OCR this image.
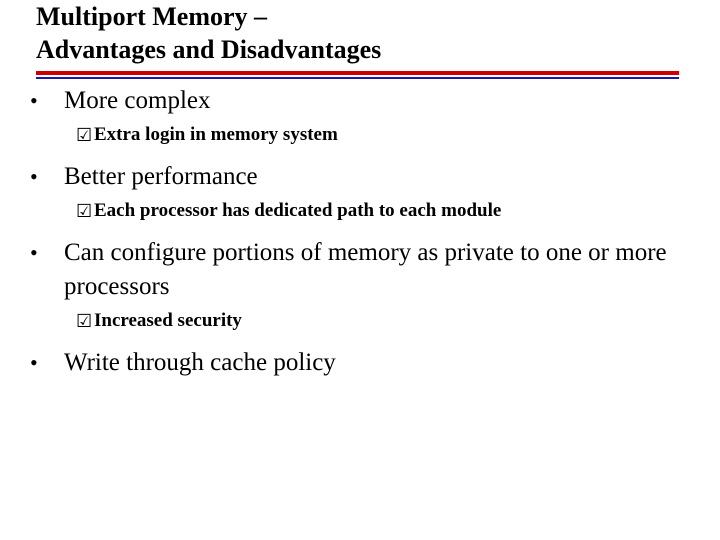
Multiport Memory –
Advantages and Disadvantages
•	More complex
☑ Extra login in memory system
•	Better performance
☑ Each processor has dedicated path to each module
•	Can configure portions of memory as private to one or more processors
☑ Increased security
•	Write through cache policy
